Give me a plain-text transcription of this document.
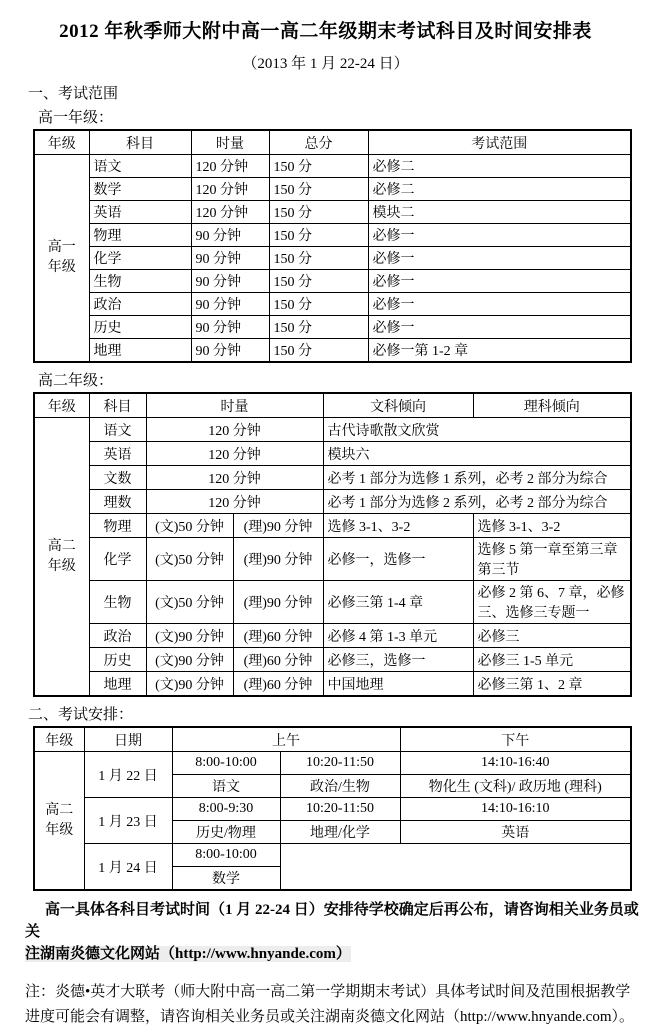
2012 年秋季师大附中高一高二年级期末考试科目及时间安排表
（2013 年 1 月 22-24 日）
一、考试范围
高一年级：
年级	科目	时量	总分	考试范围
高一年级	语文	120 分钟	150 分	必修二
	数学	120 分钟	150 分	必修二
	英语	120 分钟	150 分	模块二
	物理	90 分钟	150 分	必修一
	化学	90 分钟	150 分	必修一
	生物	90 分钟	150 分	必修一
	政治	90 分钟	150 分	必修一
	历史	90 分钟	150 分	必修一
	地理	90 分钟	150 分	必修一第 1-2 章
高二年级：
年级	科目	时量		文科倾向	理科倾向
高二年级	语文	120 分钟		古代诗歌散文欣赏	
	英语	120 分钟		模块六	
	文数	120 分钟		必考 1 部分为选修 1 系列，必考 2 部分为综合	
	理数	120 分钟		必考 1 部分为选修 2 系列，必考 2 部分为综合	
	物理	(文)50 分钟	(理)90 分钟	选修 3-1、3-2	选修 3-1、3-2
	化学	(文)50 分钟	(理)90 分钟	必修一，选修一	选修 5 第一章至第三章第三节
	生物	(文)50 分钟	(理)90 分钟	必修三第 1-4 章	必修 2 第 6、7 章，必修三、选修三专题一
	政治	(文)90 分钟	(理)60 分钟	必修 4 第 1-3 单元	必修三
	历史	(文)90 分钟	(理)60 分钟	必修三，选修一	必修三 1-5 单元
	地理	(文)90 分钟	(理)60 分钟	中国地理	必修三第 1、2 章
二、考试安排：
年级	日期	上午		下午
高二年级	1 月 22 日	8:00-10:00	10:20-11:50	14:10-16:40
		语文	政治/生物	物化生 (文科)/ 政历地 (理科)
	1 月 23 日	8:00-9:30	10:20-11:50	14:10-16:10
		历史/物理	地理/化学	英语
	1 月 24 日	8:00-10:00		
		数学		

高一具体各科目考试时间（1 月 22-24 日）安排待学校确定后再公布，请咨询相关业务员或关
注湖南炎德文化网站（http://www.hnyande.com）

注：炎德•英才大联考（师大附中高一高二第一学期期末考试）具体考试时间及范围根据教学进度可能会有调整，请咨询相关业务员或关注湖南炎德文化网站（http://www.hnyande.com）。
